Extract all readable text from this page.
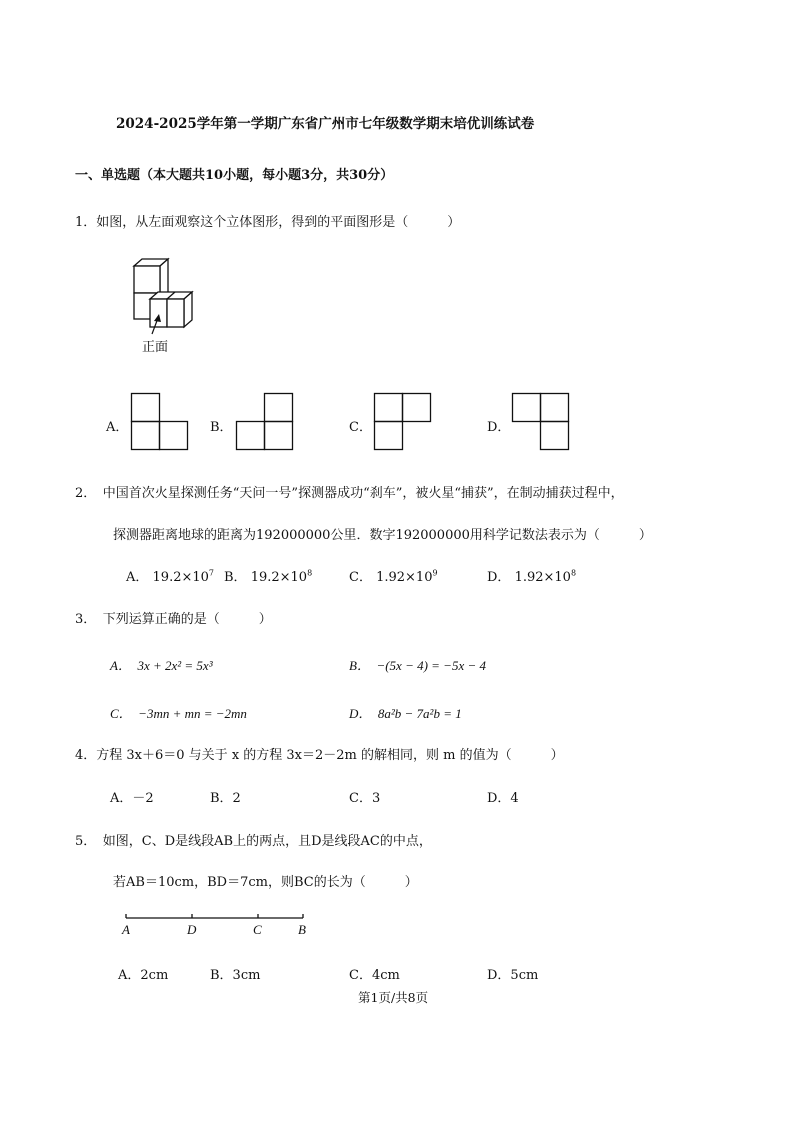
2024-2025学年第一学期广东省广州市七年级数学期末培优训练试卷
一、单选题（本大题共10小题，每小题3分，共30分）
1．如图，从左面观察这个立体图形，得到的平面图形是（　　　）
正面
A．	B．	C．	D．
2．　中国首次火星探测任务“天问一号”探测器成功“刹车”，被火星“捕获”，在制动捕获过程中，
探测器距离地球的距离为192000000公里．数字192000000用科学记数法表示为（　　　）
A． $19.2\times 10^7$ B． $19.2\times 10^8$	C． $1.92\times 10^9$	D． $1.92\times 10^8$
3．　下列运算正确的是（　　　）
A．　3x + 2x² = 5x³	B．　−(5x − 4) = −5x − 4
C．　−3mn + mn = −2mn	D．　8a²b − 7a²b = 1
4．方程 3x＋6＝0 与关于 x 的方程 3x＝2－2m 的解相同，则 m 的值为（　　　）
A．－2	B．2	C．3	D．4
5．　如图，C、D是线段AB上的两点，且D是线段AC的中点，
若AB＝10cm，BD＝7cm，则BC的长为（　　　）
A	D	C	B
A．2cm	B．3cm	C．4cm	D．5cm
第1页/共8页
